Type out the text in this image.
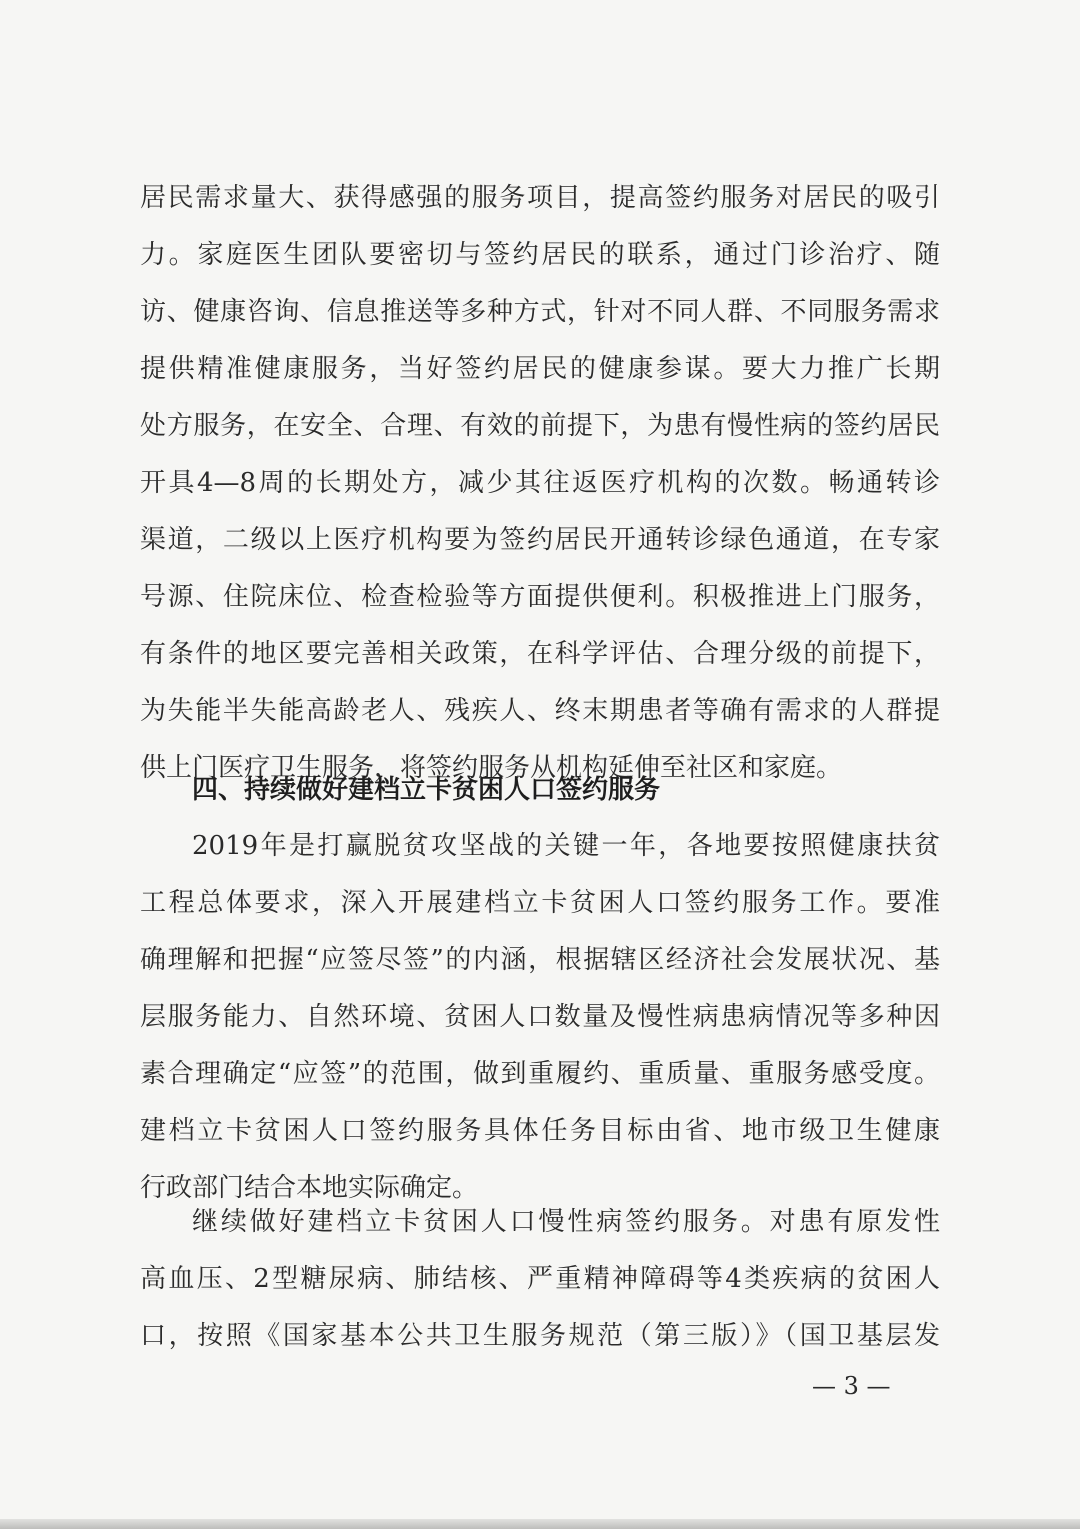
居民需求量大、获得感强的服务项目，提高签约服务对居民的吸引
力。家庭医生团队要密切与签约居民的联系，通过门诊治疗、随
访、健康咨询、信息推送等多种方式，针对不同人群、不同服务需求
提供精准健康服务，当好签约居民的健康参谋。要大力推广长期
处方服务，在安全、合理、有效的前提下，为患有慢性病的签约居民
开具4—8周的长期处方，减少其往返医疗机构的次数。畅通转诊
渠道，二级以上医疗机构要为签约居民开通转诊绿色通道，在专家
号源、住院床位、检查检验等方面提供便利。积极推进上门服务，
有条件的地区要完善相关政策，在科学评估、合理分级的前提下，
为失能半失能高龄老人、残疾人、终末期患者等确有需求的人群提
供上门医疗卫生服务，将签约服务从机构延伸至社区和家庭。
四、持续做好建档立卡贫困人口签约服务
2019年是打赢脱贫攻坚战的关键一年，各地要按照健康扶贫
工程总体要求，深入开展建档立卡贫困人口签约服务工作。要准
确理解和把握“应签尽签”的内涵，根据辖区经济社会发展状况、基
层服务能力、自然环境、贫困人口数量及慢性病患病情况等多种因
素合理确定“应签”的范围，做到重履约、重质量、重服务感受度。
建档立卡贫困人口签约服务具体任务目标由省、地市级卫生健康
行政部门结合本地实际确定。
继续做好建档立卡贫困人口慢性病签约服务。对患有原发性
高血压、2型糖尿病、肺结核、严重精神障碍等4类疾病的贫困人
口，按照《国家基本公共卫生服务规范（第三版）》（国卫基层发
— 3 —
